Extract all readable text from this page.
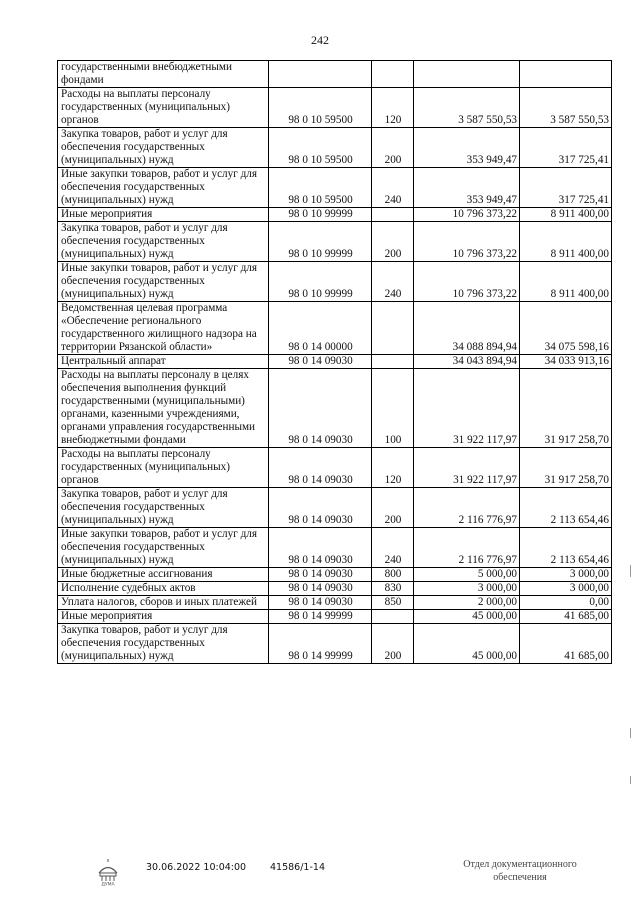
242
государственными внебюджетными фондами				
Расходы на выплаты персоналу государственных (муниципальных) органов	98 0 10 59500	120	3 587 550,53	3 587 550,53
Закупка товаров, работ и услуг для обеспечения государственных (муниципальных) нужд	98 0 10 59500	200	353 949,47	317 725,41
Иные закупки товаров, работ и услуг для обеспечения государственных (муниципальных) нужд	98 0 10 59500	240	353 949,47	317 725,41
Иные мероприятия	98 0 10 99999		10 796 373,22	8 911 400,00
Закупка товаров, работ и услуг для обеспечения государственных (муниципальных) нужд	98 0 10 99999	200	10 796 373,22	8 911 400,00
Иные закупки товаров, работ и услуг для обеспечения государственных (муниципальных) нужд	98 0 10 99999	240	10 796 373,22	8 911 400,00
Ведомственная целевая программа «Обеспечение регионального государственного жилищного надзора на территории Рязанской области»	98 0 14 00000		34 088 894,94	34 075 598,16
Центральный аппарат	98 0 14 09030		34 043 894,94	34 033 913,16
Расходы на выплаты персоналу в целях обеспечения выполнения функций государственными (муниципальными) органами, казенными учреждениями, органами управления государственными внебюджетными фондами	98 0 14 09030	100	31 922 117,97	31 917 258,70
Расходы на выплаты персоналу государственных (муниципальных) органов	98 0 14 09030	120	31 922 117,97	31 917 258,70
Закупка товаров, работ и услуг для обеспечения государственных (муниципальных) нужд	98 0 14 09030	200	2 116 776,97	2 113 654,46
Иные закупки товаров, работ и услуг для обеспечения государственных (муниципальных) нужд	98 0 14 09030	240	2 116 776,97	2 113 654,46
Иные бюджетные ассигнования	98 0 14 09030	800	5 000,00	3 000,00
Исполнение судебных актов	98 0 14 09030	830	3 000,00	3 000,00
Уплата налогов, сборов и иных платежей	98 0 14 09030	850	2 000,00	0,00
Иные мероприятия	98 0 14 99999		45 000,00	41 685,00
Закупка товаров, работ и услуг для обеспечения государственных (муниципальных) нужд	98 0 14 99999	200	45 000,00	41 685,00
ДУМА
30.06.2022 10:04:00	41586/1-14	Отдел документационного
обеспечения
